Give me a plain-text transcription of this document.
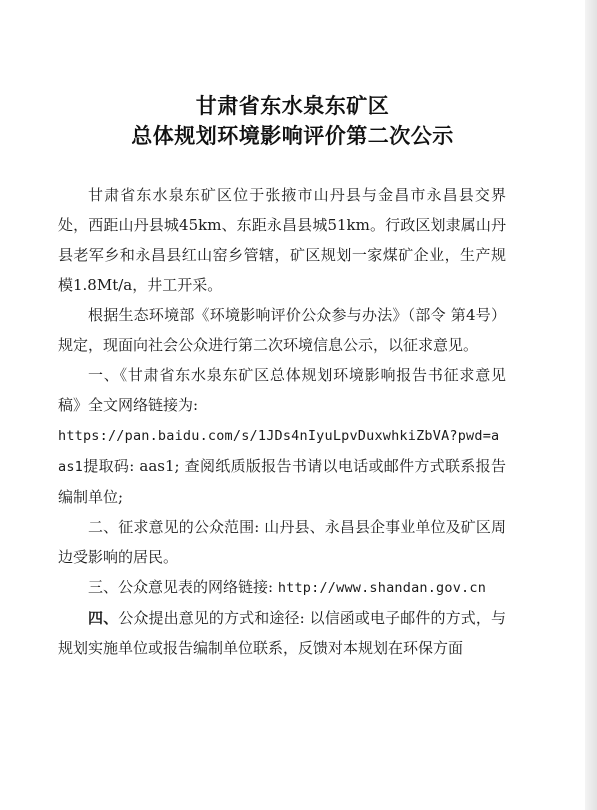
甘肃省东水泉东矿区
总体规划环境影响评价第二次公示

甘肃省东水泉东矿区位于张掖市山丹县与金昌市永昌县交界处，西距山丹县城45km、东距永昌县城51km。行政区划隶属山丹县老军乡和永昌县红山窑乡管辖，矿区规划一家煤矿企业，生产规模1.8Mt/a，井工开采。

根据生态环境部《环境影响评价公众参与办法》（部令 第4号）规定，现面向社会公众进行第二次环境信息公示，以征求意见。

一、《甘肃省东水泉东矿区总体规划环境影响报告书征求意见稿》全文网络链接为:

https://pan.baidu.com/s/1JDs4nIyuLpvDuxwhkiZbVA?pwd=aas1提取码: aas1; 查阅纸质版报告书请以电话或邮件方式联系报告编制单位;

二、征求意见的公众范围: 山丹县、永昌县企事业单位及矿区周边受影响的居民。

三、公众意见表的网络链接: http://www.shandan.gov.cn

四、公众提出意见的方式和途径: 以信函或电子邮件的方式，与规划实施单位或报告编制单位联系，反馈对本规划在环保方面
